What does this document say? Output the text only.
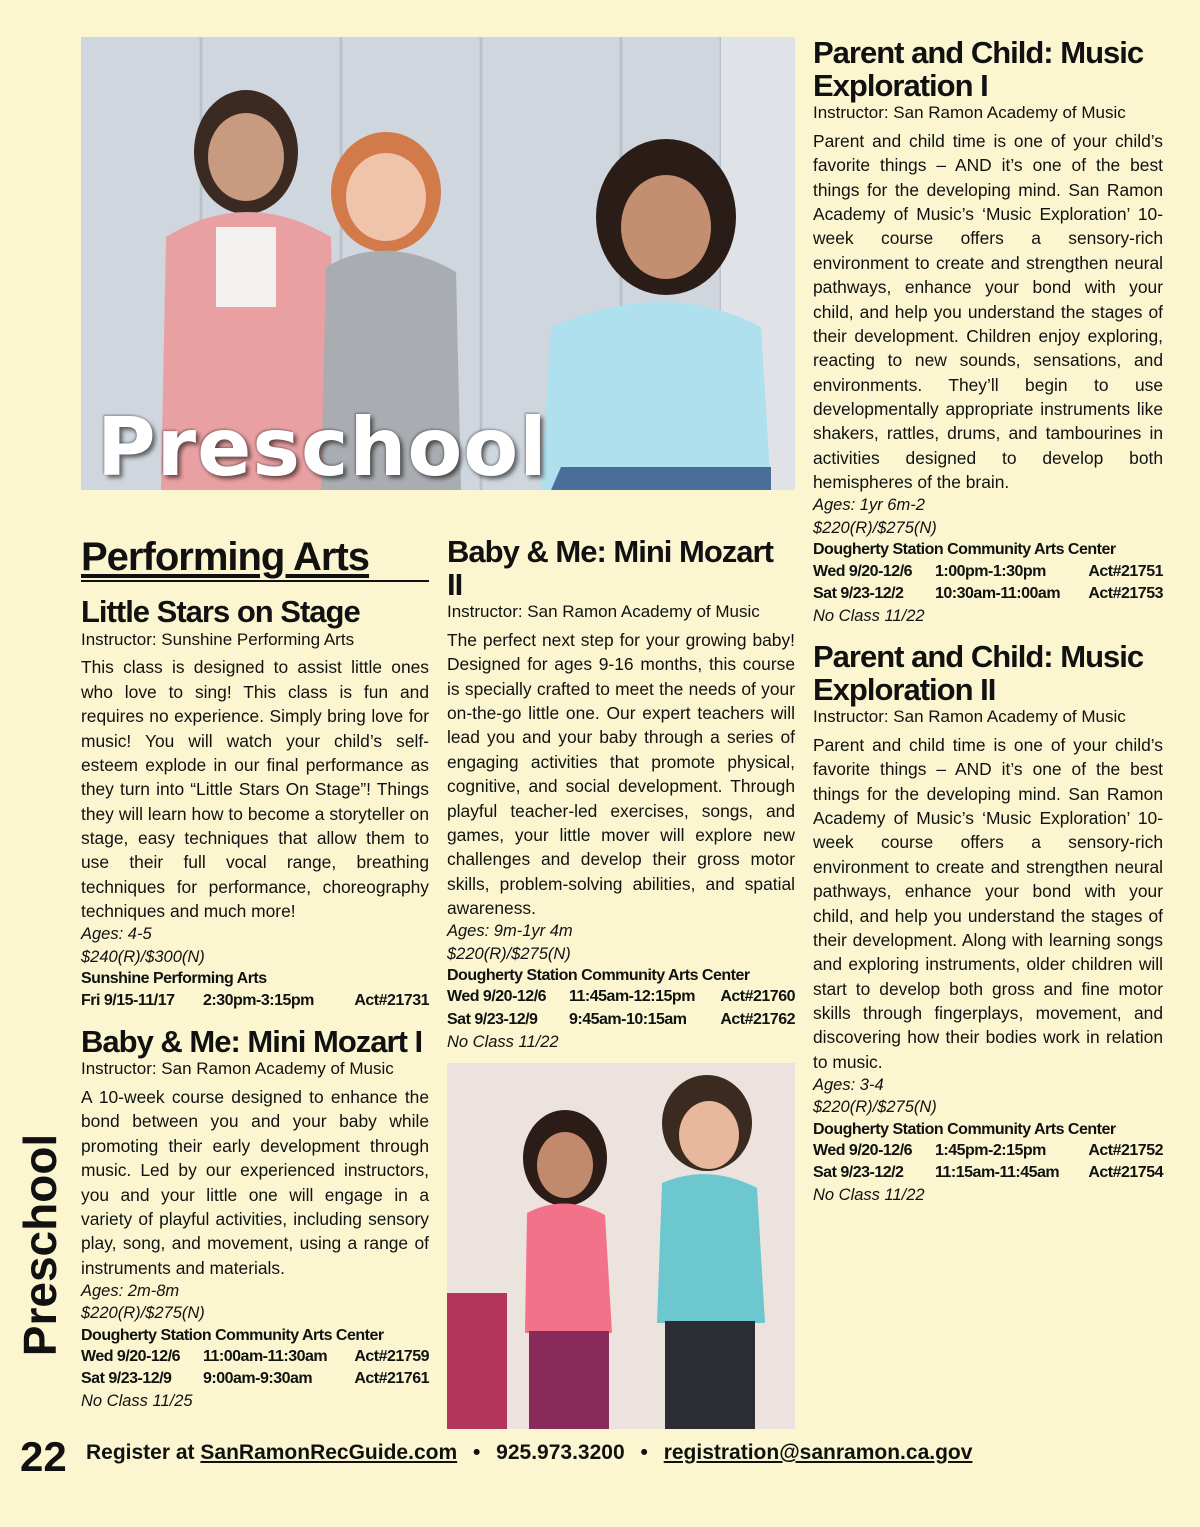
Preschool
Performing Arts
Little Stars on Stage

Instructor: Sunshine Performing Arts

This class is designed to assist little ones who love to sing! This class is fun and requires no experience. Simply bring love for music! You will watch your child’s self-esteem explode in our final performance as they turn into “Little Stars On Stage”! Things they will learn how to become a storyteller on stage, easy techniques that allow them to use their full vocal range, breathing techniques for performance, choreography techniques and much more!

Ages: 4-5

$240(R)/$300(N)

Sunshine Performing Arts

Fri 9/15-11/17	2:30pm-3:15pm	Act#21731
Baby & Me: Mini Mozart I

Instructor: San Ramon Academy of Music

A 10-week course designed to enhance the bond between you and your baby while promoting their early development through music. Led by our experienced instructors, you and your little one will engage in a variety of playful activities, including sensory play, song, and movement, using a range of instruments and materials.

Ages: 2m-8m

$220(R)/$275(N)

Dougherty Station Community Arts Center

Wed 9/20-12/6	11:00am-11:30am	Act#21759
Sat 9/23-12/9	9:00am-9:30am	Act#21761

No Class 11/25

Baby & Me: Mini Mozart II

Instructor: San Ramon Academy of Music

The perfect next step for your growing baby! Designed for ages 9-16 months, this course is specially crafted to meet the needs of your on-the-go little one. Our expert teachers will lead you and your baby through a series of engaging activities that promote physical, cognitive, and social development. Through playful teacher-led exercises, songs, and games, your little mover will explore new challenges and develop their gross motor skills, problem-solving abilities, and spatial awareness.

Ages: 9m-1yr 4m

$220(R)/$275(N)

Dougherty Station Community Arts Center

Wed 9/20-12/6	11:45am-12:15pm	Act#21760
Sat 9/23-12/9	9:45am-10:15am	Act#21762

No Class 11/22

Parent and Child: Music Exploration I

Instructor: San Ramon Academy of Music

Parent and child time is one of your child’s favorite things – AND it’s one of the best things for the developing mind. San Ramon Academy of Music’s ‘Music Exploration’ 10-week course offers a sensory-rich environment to create and strengthen neural pathways, enhance your bond with your child, and help you understand the stages of their development. Children enjoy exploring, reacting to new sounds, sensations, and environments. They’ll begin to use developmentally appropriate instruments like shakers, rattles, drums, and tambourines in activities designed to develop both hemispheres of the brain.

Ages: 1yr 6m-2

$220(R)/$275(N)

Dougherty Station Community Arts Center

Wed 9/20-12/6	1:00pm-1:30pm	Act#21751
Sat 9/23-12/2	10:30am-11:00am	Act#21753

No Class 11/22

Parent and Child: Music Exploration II

Instructor: San Ramon Academy of Music

Parent and child time is one of your child’s favorite things – AND it’s one of the best things for the developing mind. San Ramon Academy of Music’s ‘Music Exploration’ 10-week course offers a sensory-rich environment to create and strengthen neural pathways, enhance your bond with your child, and help you understand the stages of their development. Along with learning songs and exploring instruments, older children will start to develop both gross and fine motor skills through fingerplays, movement, and discovering how their bodies work in relation to music.

Ages: 3-4

$220(R)/$275(N)

Dougherty Station Community Arts Center

Wed 9/20-12/6	1:45pm-2:15pm	Act#21752
Sat 9/23-12/2	11:15am-11:45am	Act#21754

No Class 11/22

Preschool
22 Register at SanRamonRecGuide.com • 925.973.3200 • registration@sanramon.ca.gov
